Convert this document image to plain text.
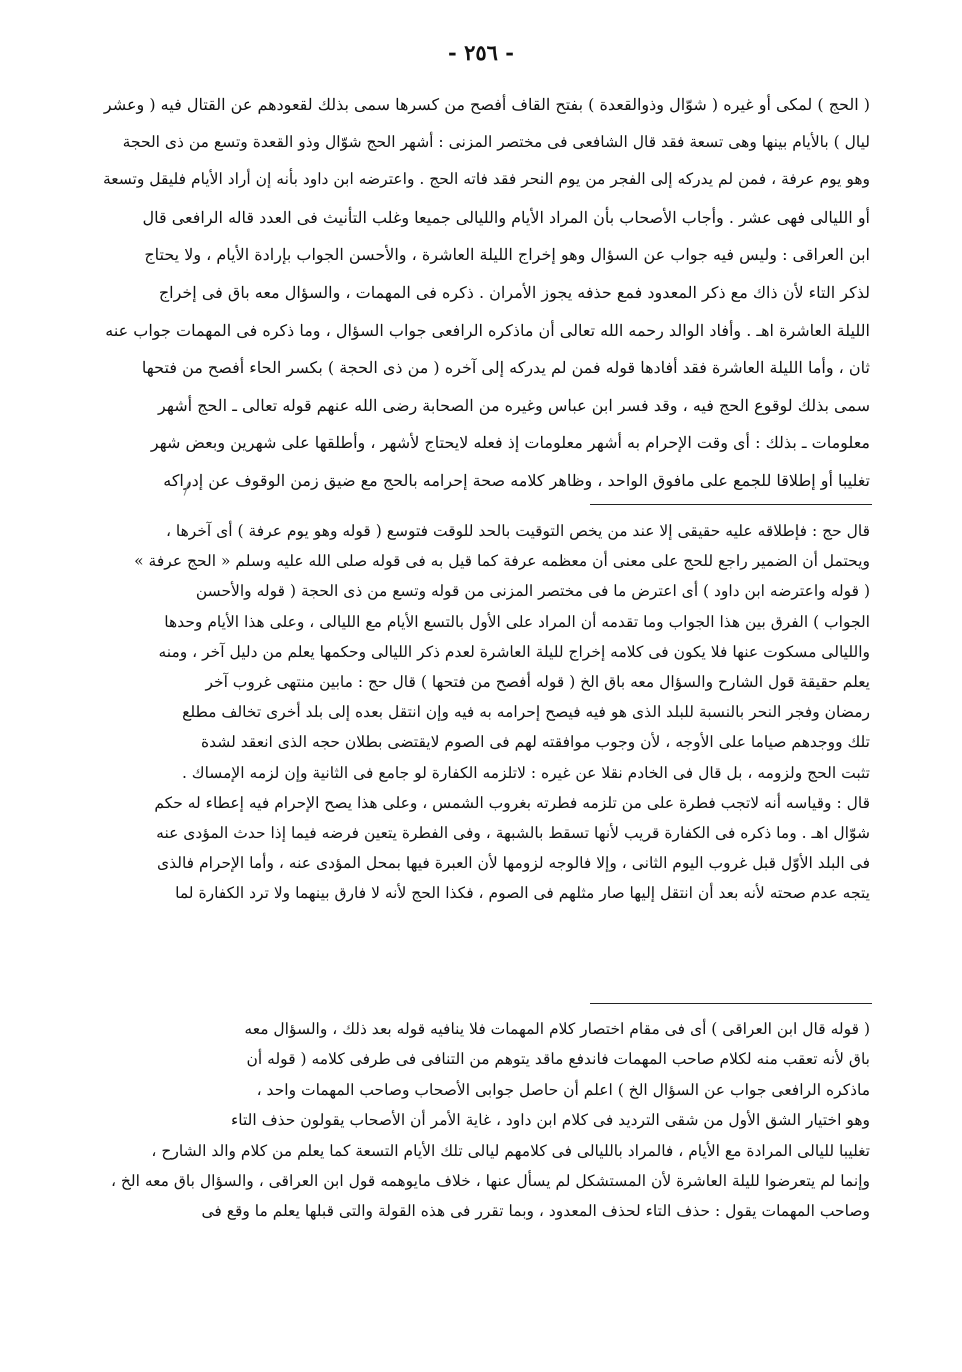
- ٢٥٦ -
( الحج ) لمكى أو غيره ( شوّال وذوالقعدة ) بفتح القاف أفصح من كسرها سمى بذلك لقعودهم عن القتال فيه ( وعشر
ليال ) بالأيام بينها وهى تسعة فقد قال الشافعى فى مختصر المزنى : أشهر الحج شوّال وذو القعدة وتسع من ذى الحجة
وهو يوم عرفة ، فمن لم يدركه إلى الفجر من يوم النحر فقد فاته الحج . واعترضه ابن داود بأنه إن أراد الأيام فليقل وتسعة
أو الليالى فهى عشر . وأجاب الأصحاب بأن المراد الأيام والليالى جميعا وغلب التأنيث فى العدد قاله الرافعى قال
ابن العراقى : وليس فيه جواب عن السؤال وهو إخراج الليلة العاشرة ، والأحسن الجواب بإرادة الأيام ، ولا يحتاج
لذكر التاء لأن ذاك مع ذكر المعدود فمع حذفه يجوز الأمران . ذكره فى المهمات ، والسؤال معه باق فى إخراج
الليلة العاشرة اهـ . وأفاد الوالد رحمه الله تعالى أن ماذكره الرافعى جواب السؤال ، وما ذكره فى المهمات جواب عنه
ثان ، وأما الليلة العاشرة فقد أفادها قوله فمن لم يدركه إلى آخره ( من ذى الحجة ) بكسر الحاء أفصح من فتحها
سمى بذلك لوقوع الحج فيه ، وقد فسر ابن عباس وغيره من الصحابة رضى الله عنهم قوله تعالى ـ الحج أشهر
معلومات ـ بذلك : أى وقت الإحرام به أشهر معلومات إذ فعله لايحتاج لأشهر ، وأطلقها على شهرين وبعض شهر
تغليبا أو إطلاقا للجمع على مافوق الواحد ، وظاهر كلامه صحة إحرامه بالحج مع ضيق زمن الوقوف عن إدراكه
قال حج : فإطلاقه عليه حقيقى إلا عند من يخص التوقيت بالحد للوقت فتوسع ( قوله وهو يوم عرفة ) أى آخرها ،
ويحتمل أن الضمير راجع للحج على معنى أن معظمه عرفة كما قيل به فى قوله صلى الله عليه وسلم « الحج عرفة »
( قوله واعترضه ابن داود ) أى اعترض ما فى مختصر المزنى من قوله وتسع من ذى الحجة ( قوله والأحسن
الجواب ) الفرق بين هذا الجواب وما تقدمه أن المراد على الأول بالتسع الأيام مع الليالى ، وعلى هذا الأيام وحدها
والليالى مسكوت عنها فلا يكون فى كلامه إخراج لليلة العاشرة لعدم ذكر الليالى وحكمها يعلم من دليل آخر ، ومنه
يعلم حقيقة قول الشارح والسؤال معه باق الخ ( قوله أفصح من فتحها ) قال حج : مابين منتهى غروب آخر
رمضان وفجر النحر بالنسبة للبلد الذى هو فيه فيصح إحرامه به فيه وإن انتقل بعده إلى بلد أخرى تخالف مطلع
تلك ووجدهم صياما على الأوجه ، لأن وجوب موافقته لهم فى الصوم لايقتضى بطلان حجه الذى انعقد لشدة
تثبت الحج ولزومه ، بل قال فى الخادم نقلا عن غيره : لاتلزمه الكفارة لو جامع فى الثانية وإن لزمه الإمساك .
قال : وقياسه أنه لاتجب فطرة على من تلزمه فطرته بغروب الشمس ، وعلى هذا يصح الإحرام فيه إعطاء له حكم
شوّال اهـ . وما ذكره فى الكفارة قريب لأنها تسقط بالشبهة ، وفى الفطرة يتعين فرضه فيما إذا حدث المؤدى عنه
فى البلد الأوّل قبل غروب اليوم الثانى ، وإلا فالوجه لزومها لأن العبرة فيها بمحل المؤدى عنه ، وأما الإحرام فالذى
يتجه عدم صحته لأنه بعد أن انتقل إليها صار مثلهم فى الصوم ، فكذا الحج لأنه لا فارق بينهما ولا ترد الكفارة لما
( قوله قال ابن العراقى ) أى فى مقام اختصار كلام المهمات فلا ينافيه قوله بعد ذلك ، والسؤال معه
باق لأنه تعقب منه لكلام صاحب المهمات فاندفع ماقد يتوهم من التنافى فى طرفى كلامه ( قوله أن
ماذكره الرافعى جواب عن السؤال الخ ) اعلم أن حاصل جوابى الأصحاب وصاحب المهمات واحد ،
وهو اختيار الشق الأول من شقى الترديد فى كلام ابن داود ، غاية الأمر أن الأصحاب يقولون حذف التاء
تغليبا لليالى المرادة مع الأيام ، فالمراد بالليالى فى كلامهم ليالى تلك الأيام التسعة كما يعلم من كلام والد الشارح ،
وإنما لم يتعرضوا لليلة العاشرة لأن المستشكل لم يسأل عنها ، خلاف مايوهمه قول ابن العراقى ، والسؤال باق معه الخ ،
وصاحب المهمات يقول : حذف التاء لحذف المعدود ، وبما تقرر فى هذه القولة والتى قبلها يعلم ما وقع فى
